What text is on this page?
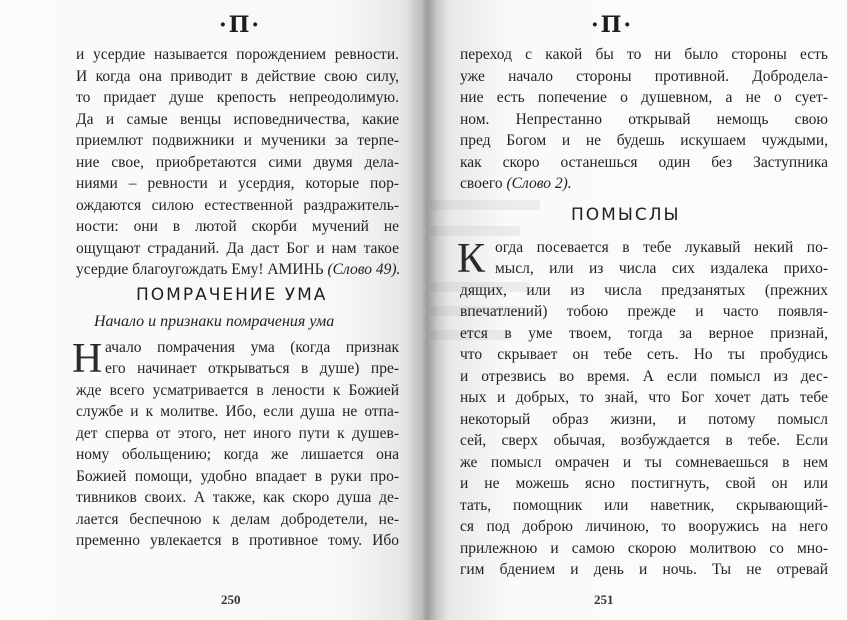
·П·
и усердие называется порождением ревности.
И когда она приводит в действие свою силу,
то придает душе крепость непреодолимую.
Да и самые венцы исповедничества, какие
приемлют подвижники и мученики за терпе-
ние свое, приобретаются сими двумя дела-
ниями – ревности и усердия, которые пор-
ождаются силою естественной раздражитель-
ности: они в лютой скорби мучений не
ощущают страданий. Да даст Бог и нам такое
усердие благоугождать Ему! АМИНЬ (Слово 49).
ПОМРАЧЕНИЕ УМА
Начало и признаки помрачения ума
Н ачало помрачения ума (когда признак
его начинает открываться в душе) пре-
жде всего усматривается в лености к Божией
службе и к молитве. Ибо, если душа не отпа-
дет сперва от этого, нет иного пути к душев-
ному обольщению; когда же лишается она
Божией помощи, удобно впадает в руки про-
тивников своих. А также, как скоро душа де-
лается беспечною к делам добродетели, не-
пременно увлекается в противное тому. Ибо
250
·П·
переход с какой бы то ни было стороны есть
уже начало стороны противной. Добродела-
ние есть попечение о душевном, а не о сует-
ном. Непрестанно открывай немощь свою
пред Богом и не будешь искушаем чуждыми,
как скоро останешься один без Заступника
своего (Слово 2).
ПОМЫСЛЫ
К огда посевается в тебе лукавый некий по-
мысл, или из числа сих издалека прихо-
дящих, или из числа предзанятых (прежних
впечатлений) тобою прежде и часто появля-
ется в уме твоем, тогда за верное признай,
что скрывает он тебе сеть. Но ты пробудись
и отрезвись во время. А если помысл из дес-
ных и добрых, то знай, что Бог хочет дать тебе
некоторый образ жизни, и потому помысл
сей, сверх обычая, возбуждается в тебе. Если
же помысл омрачен и ты сомневаешься в нем
и не можешь ясно постигнуть, свой он или
тать, помощник или наветник, скрывающий-
ся под доброю личиною, то вооружись на него
прилежною и самою скорою молитвою со мно-
гим бдением и день и ночь. Ты не отревай
251
